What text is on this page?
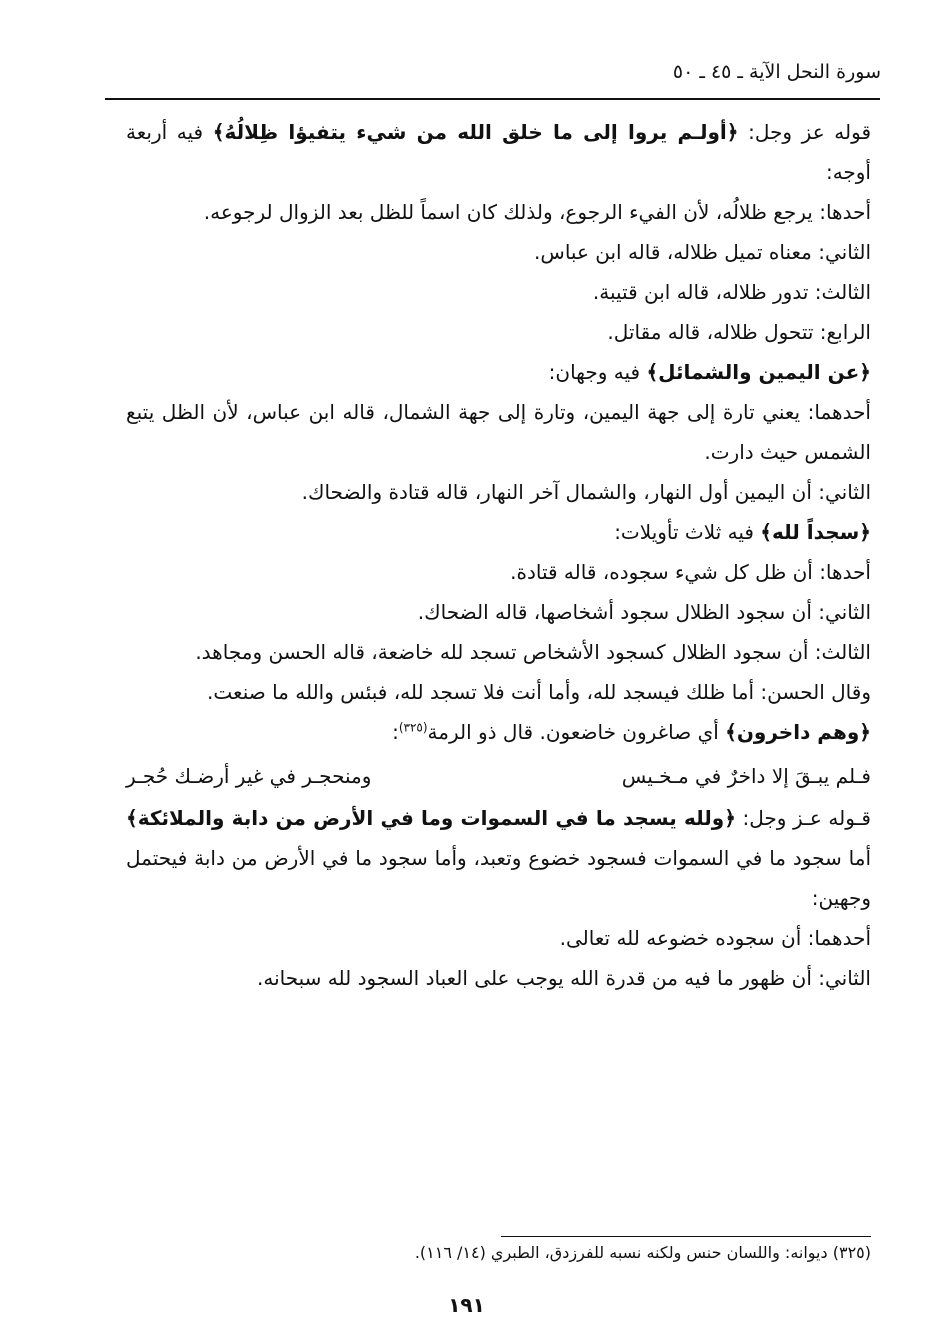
سورة النحل الآية ـ ٤٥ ـ ٥٠

قوله عز وجل: ﴿أولـم يروا إلى ما خلق الله من شيء يتفيؤا ظِلالُهُ﴾ فيه أربعة أوجه:

أحدها: يرجع ظلالُه، لأن الفيء الرجوع، ولذلك كان اسماً للظل بعد الزوال لرجوعه.

الثاني: معناه تميل ظلاله، قاله ابن عباس.

الثالث: تدور ظلاله، قاله ابن قتيبة.

الرابع: تتحول ظلاله، قاله مقاتل.

﴿عن اليمين والشمائل﴾ فيه وجهان:

أحدهما: يعني تارة إلى جهة اليمين، وتارة إلى جهة الشمال، قاله ابن عباس، لأن الظل يتبع الشمس حيث دارت.

الثاني: أن اليمين أول النهار، والشمال آخر النهار، قاله قتادة والضحاك.

﴿سجداً لله﴾ فيه ثلاث تأويلات:

أحدها: أن ظل كل شيء سجوده، قاله قتادة.

الثاني: أن سجود الظلال سجود أشخاصها، قاله الضحاك.

الثالث: أن سجود الظلال كسجود الأشخاص تسجد لله خاضعة، قاله الحسن ومجاهد.

وقال الحسن: أما ظلك فيسجد لله، وأما أنت فلا تسجد لله، فبئس والله ما صنعت.

﴿وهم داخرون﴾ أي صاغرون خاضعون. قال ذو الرمة$^{(٣٢٥)}$:

فـلم يبـقَ إلا داخرٌ في مـخـيس
ومنحجـر في غير أرضـك حُجـر

قـوله عـز وجل: ﴿ولله يسجد ما في السموات وما في الأرض من دابة والملائكة﴾ أما سجود ما في السموات فسجود خضوع وتعبد، وأما سجود ما في الأرض من دابة فيحتمل وجهين:

أحدهما: أن سجوده خضوعه لله تعالى.

الثاني: أن ظهور ما فيه من قدرة الله يوجب على العباد السجود لله سبحانه.

(٣٢٥) ديوانه: واللسان حنس ولكنه نسبه للفرزدق، الطبري (١٤/ ١١٦).
١٩١
